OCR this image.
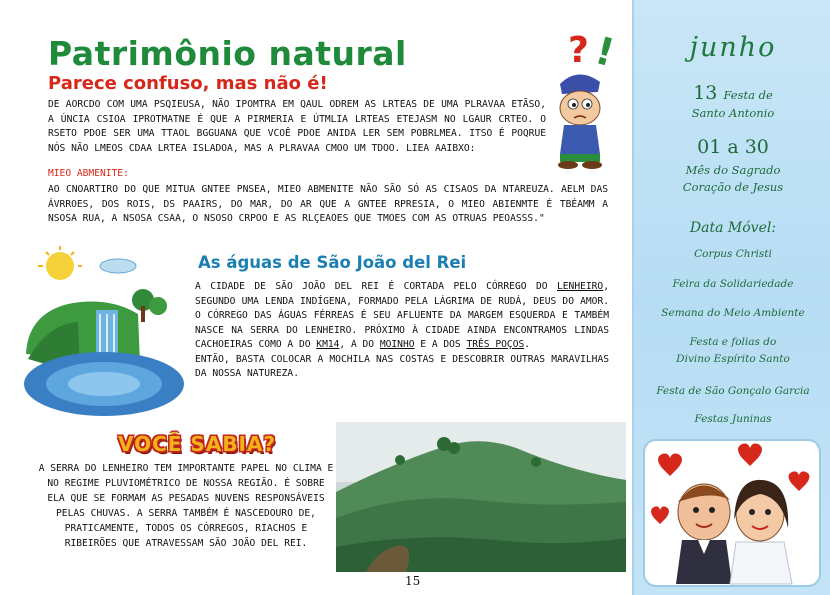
Patrimônio natural
Parece confuso, mas não é!
DE AORCDO COM UMA PSQIEUSA, NÃO IPOMTRA EM QAUL ODREM AS LRTEAS DE UMA PLRAVAA ETÃSO, A ÚNCIA CSIOA IPROTMATNE É QUE A PIRMERIA E ÚTMLIA LRTEAS ETEJASM NO LGAUR CRTEO. O RSETO PDOE SER UMA TTAOL BGGUANA QUE VCOÊ PDOE ANIDA LER SEM POBRLMEA. ITSO É POQRUE NÓS NÃO LMEOS CDAA LRTEA ISLADOA, MAS A PLRAVAA CMOO UM TDOO. LIEA AAIBXO:
MIEO ABMENITE:
AO CNOARTIRO DO QUE MITUA GNTEE PNSEA, MIEO ABMENITE NÃO SÃO SÓ AS CISAOS DA NTAREUZA. AELM DAS ÁVRROES, DOS ROIS, DS PAAIRS, DO MAR, DO AR QUE A GNTEE RPRESIA, O MIEO ABIENMTE É TBÉAMM A NSOSA RUA, A NSOSA CSAA, O NSOSO CRPOO E AS RLÇEAOES QUE TMOES COM AS OTRUAS PEOASSS."
? !
As águas de São João del Rei
A CIDADE DE SÃO JOÃO DEL REI É CORTADA PELO CÓRREGO DO LENHEIRO, SEGUNDO UMA LENDA INDÍGENA, FORMADO PELA LÁGRIMA DE RUDÁ, DEUS DO AMOR. O CÓRREGO DAS ÁGUAS FÉRREAS É SEU AFLUENTE DA MARGEM ESQUERDA E TAMBÉM NASCE NA SERRA DO LENHEIRO. PRÓXIMO À CIDADE AINDA ENCONTRAMOS LINDAS CACHOEIRAS COMO A DO KM14, A DO MOINHO E A DOS TRÊS POÇOS.
ENTÃO, BASTA COLOCAR A MOCHILA NAS COSTAS E DESCOBRIR OUTRAS MARAVILHAS DA NOSSA NATUREZA.
VOCÊ SABIA?
A SERRA DO LENHEIRO TEM IMPORTANTE PAPEL NO CLIMA E NO REGIME PLUVIOMÉTRICO DE NOSSA REGIÃO. É SOBRE ELA QUE SE FORMAM AS PESADAS NUVENS RESPONSÁVEIS PELAS CHUVAS. A SERRA TAMBÉM É NASCEDOURO DE, PRATICAMENTE, TODOS OS CÓRREGOS, RIACHOS E RIBEIRÕES QUE ATRAVESSAM SÃO JOÃO DEL REI.
15
junho
13 Festa de
Santo Antonio
01 a 30
Mês do Sagrado
Coração de Jesus
Data Móvel:
Corpus Christi
Feira da Solidariedade
Semana do Meio Ambiente
Festa e folias do
Divino Espírito Santo
Festa de São Gonçalo Garcia
Festas Juninas
